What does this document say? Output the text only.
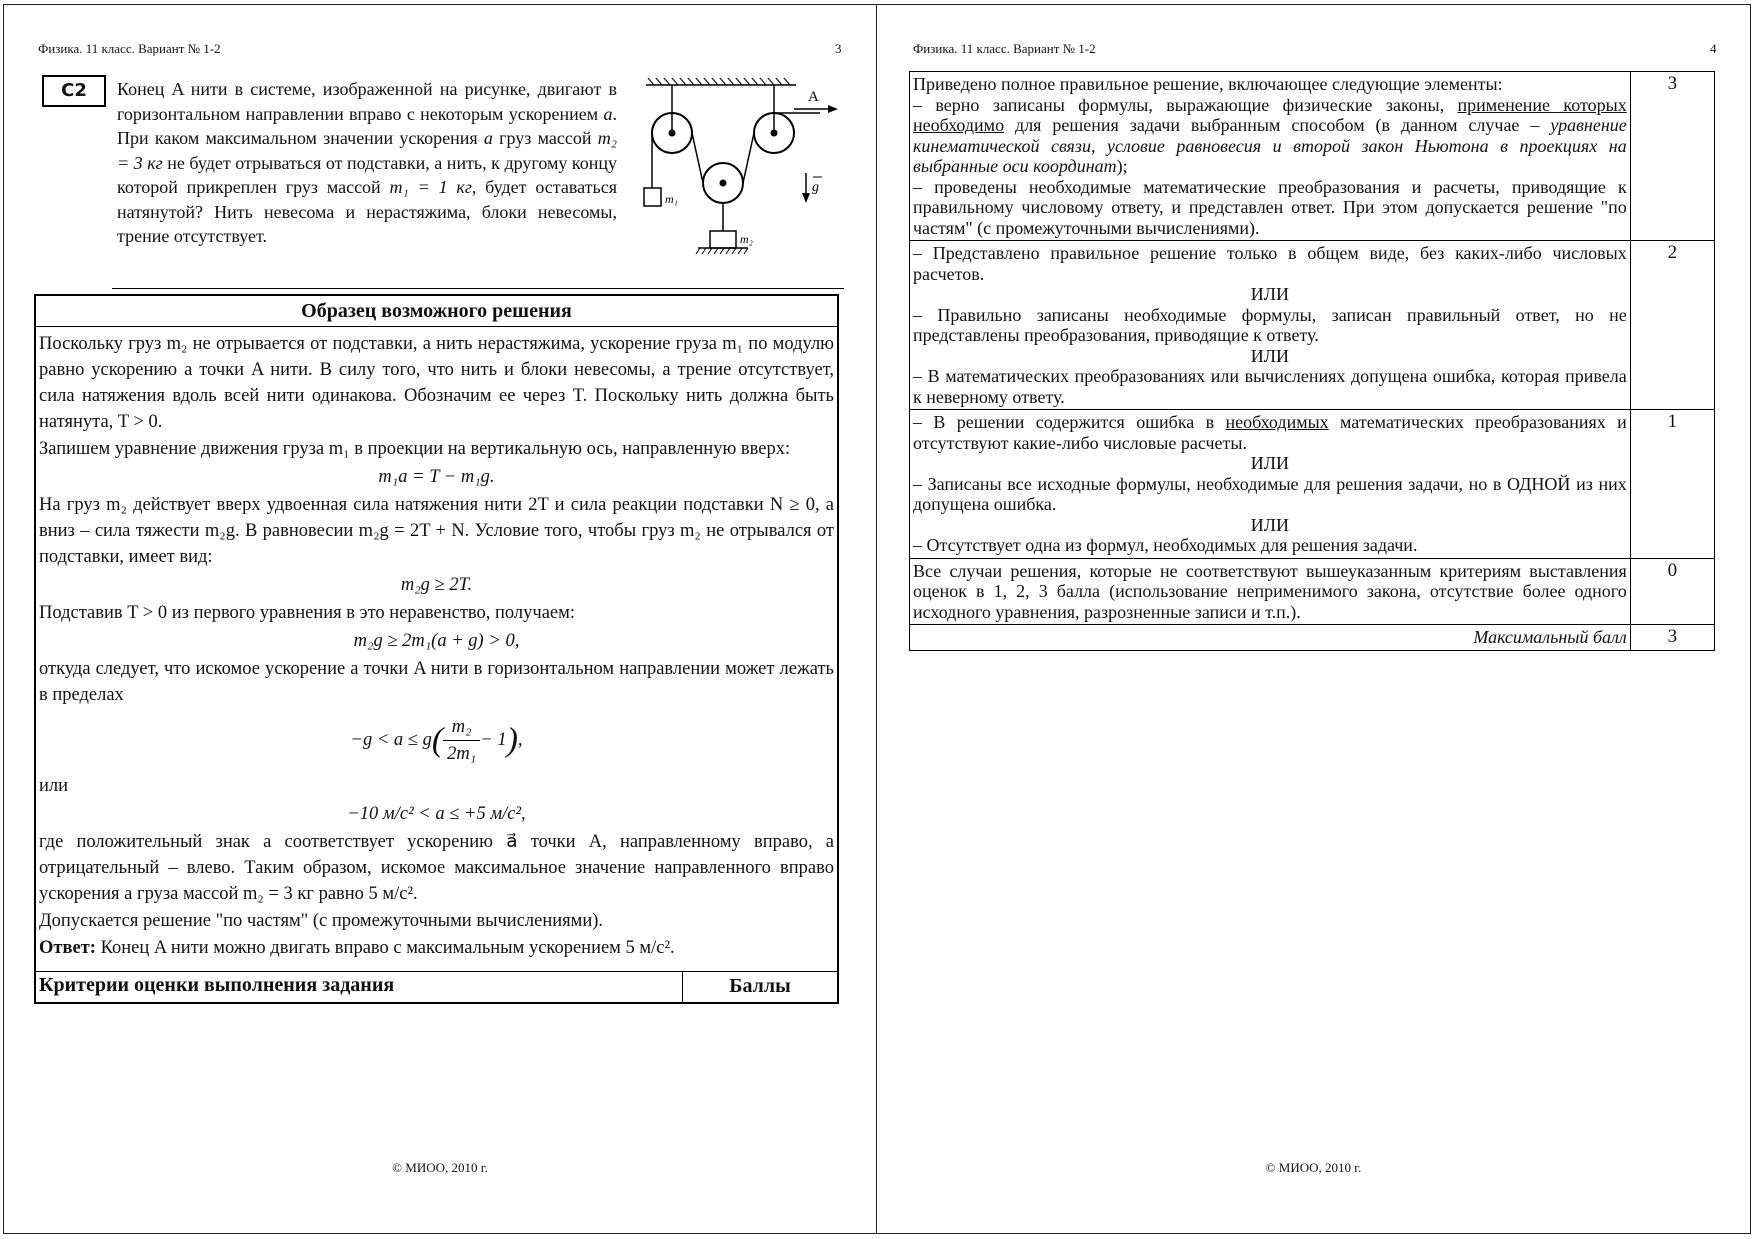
Физика. 11 класс. Вариант № 1-2	3
C2	Конец A нити в системе, изображенной на рисунке, двигают в горизонтальном направлении вправо с некоторым ускорением a. При каком максимальном значении ускорения a груз массой m₂ = 3 кг не будет отрываться от подставки, а нить, к другому концу которой прикреплен груз массой m₁ = 1 кг, будет оставаться натянутой? Нить невесома и нерастяжима, блоки невесомы, трение отсутствует.
A
m₁
m₂
g
Образец возможного решения

Поскольку груз m₂ не отрывается от подставки, а нить нерастяжима, ускорение груза m₁ по модулю равно ускорению a точки A нити. В силу того, что нить и блоки невесомы, а трение отсутствует, сила натяжения вдоль всей нити одинакова. Обозначим ее через T. Поскольку нить должна быть натянута, T > 0.

Запишем уравнение движения груза m₁ в проекции на вертикальную ось, направленную вверх:

m₁a = T − m₁g.

На груз m₂ действует вверх удвоенная сила натяжения нити 2T и сила реакции подставки N ≥ 0, а вниз – сила тяжести m₂g. В равновесии m₂g = 2T + N. Условие того, чтобы груз m₂ не отрывался от подставки, имеет вид:

m₂g ≥ 2T.

Подставив T > 0 из первого уравнения в это неравенство, получаем:

m₂g ≥ 2m₁(a + g) > 0,

откуда следует, что искомое ускорение a точки A нити в горизонтальном направлении может лежать в пределах

$-g < a \le g( \frac{\text{m₂}}{\text{2m₁}} - 1)$,

или

−10 м/с² < a ≤ +5 м/с²,

где положительный знак a соответствует ускорению a⃗ точки A, направленному вправо, а отрицательный – влево. Таким образом, искомое максимальное значение направленного вправо ускорения a груза массой m₂ = 3 кг равно 5 м/с².

Допускается решение "по частям" (с промежуточными вычислениями).

Ответ: Конец A нити можно двигать вправо с максимальным ускорением 5 м/с².

Критерии оценки выполнения задания	Баллы
© МИОО, 2010 г.
Физика. 11 класс. Вариант № 1-2	4
Приведено полное правильное решение, включающее следующие элементы:
– верно записаны формулы, выражающие физические законы, применение которых необходимо для решения задачи выбранным способом (в данном случае – уравнение кинематической связи, условие равновесия и второй закон Ньютона в проекциях на выбранные оси координат);
– проведены необходимые математические преобразования и расчеты, приводящие к правильному числовому ответу, и представлен ответ. При этом допускается решение "по частям" (с промежуточными вычислениями).	3

– Представлено правильное решение только в общем виде, без каких-либо числовых расчетов.
ИЛИ
– Правильно записаны необходимые формулы, записан правильный ответ, но не представлены преобразования, приводящие к ответу.
ИЛИ
– В математических преобразованиях или вычислениях допущена ошибка, которая привела к неверному ответу.	2

– В решении содержится ошибка в необходимых математических преобразованиях и отсутствуют какие-либо числовые расчеты.
ИЛИ
– Записаны все исходные формулы, необходимые для решения задачи, но в ОДНОЙ из них допущена ошибка.
ИЛИ
– Отсутствует одна из формул, необходимых для решения задачи.	1
Все случаи решения, которые не соответствуют вышеуказанным критериям выставления оценок в 1, 2, 3 балла (использование неприменимого закона, отсутствие более одного исходного уравнения, разрозненные записи и т.п.).	0
Максимальный балл	3
© МИОО, 2010 г.
